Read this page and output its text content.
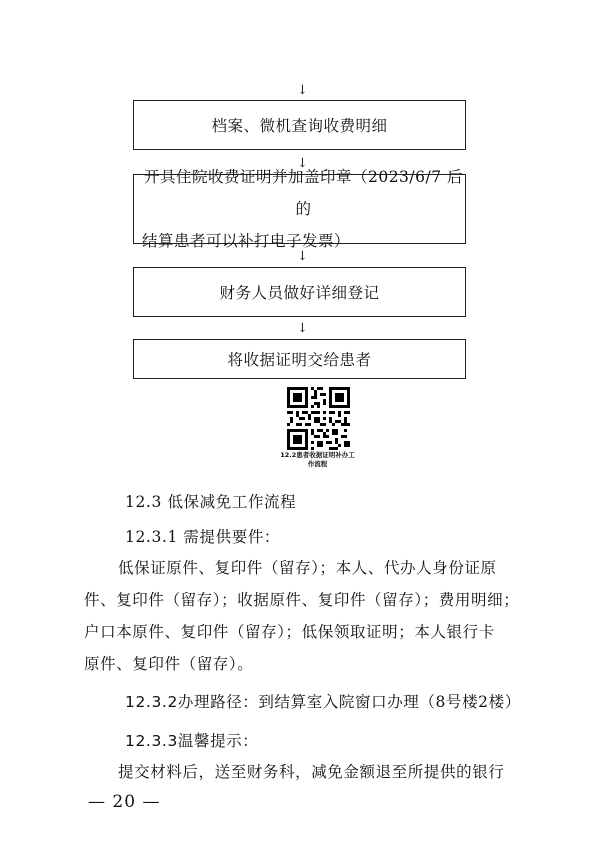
↓
档案、微机查询收费明细
↓
开具住院收费证明并加盖印章（2023/6/7 后的
结算患者可以补打电子发票）
↓
财务人员做好详细登记
↓
将收据证明交给患者
12.2患者收据证明补办工
作流程
12.3 低保减免工作流程
12.3.1 需提供要件：
低保证原件、复印件（留存）；本人、代办人身份证原
件、复印件（留存）；收据原件、复印件（留存）；费用明细；
户口本原件、复印件（留存）；低保领取证明；本人银行卡
原件、复印件（留存）。
12.3.2办理路径：到结算室入院窗口办理（8号楼2楼）
12.3.3温馨提示：
提交材料后，送至财务科，减免金额退至所提供的银行
— 20 —
